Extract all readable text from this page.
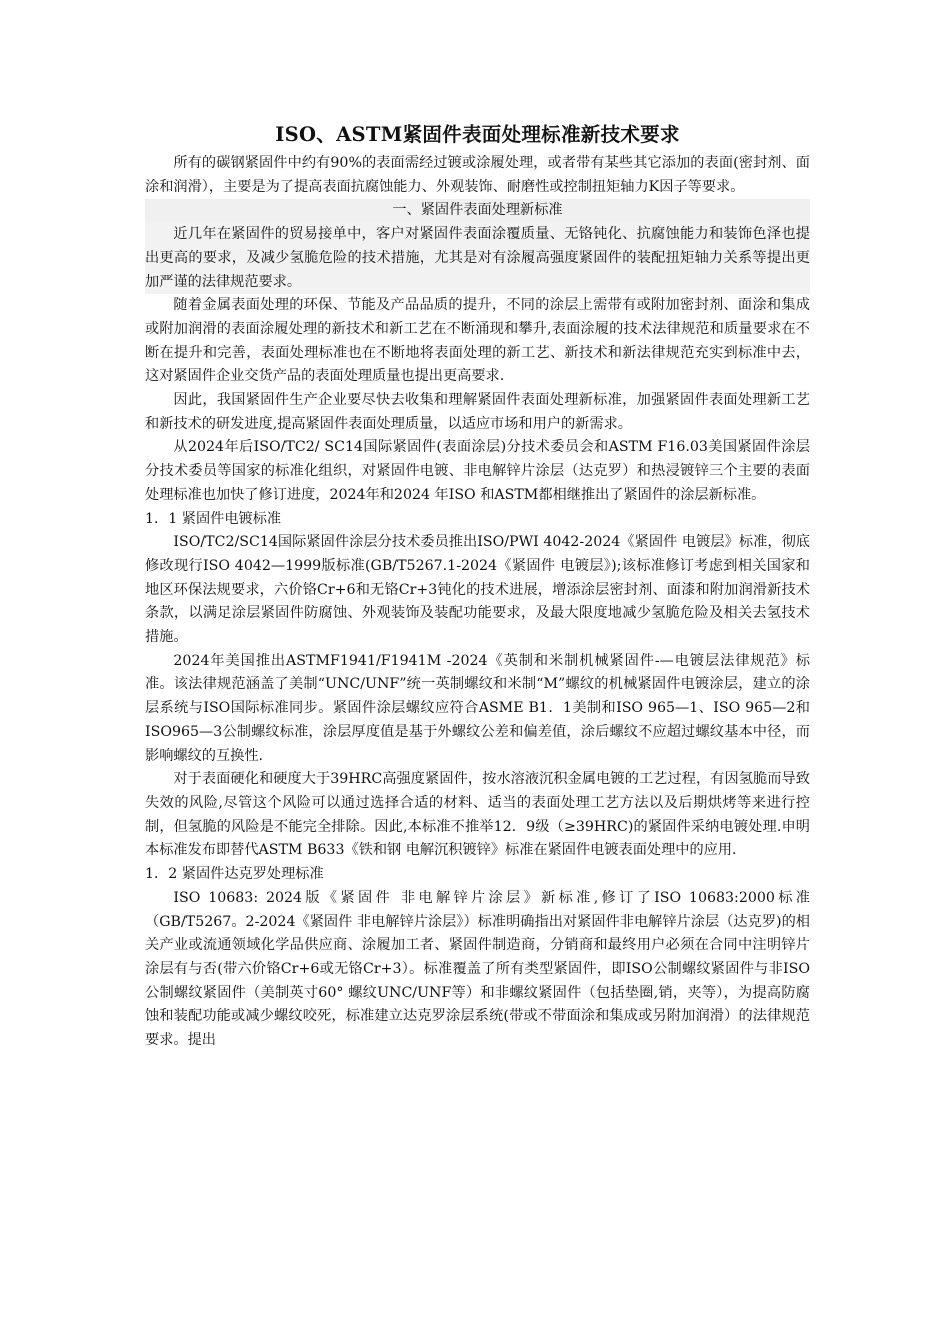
ISO、ASTM紧固件表面处理标准新技术要求

所有的碳钢紧固件中约有90%的表面需经过镀或涂履处理，或者带有某些其它添加的表面(密封剂、面涂和润滑），主要是为了提高表面抗腐蚀能力、外观装饰、耐磨性或控制扭矩轴力K因子等要求。

一、紧固件表面处理新标准

近几年在紧固件的贸易接单中，客户对紧固件表面涂覆质量、无铬钝化、抗腐蚀能力和装饰色泽也提出更高的要求，及减少氢脆危险的技术措施，尤其是对有涂履高强度紧固件的装配扭矩轴力关系等提出更加严谨的法律规范要求。

随着金属表面处理的环保、节能及产品品质的提升，不同的涂层上需带有或附加密封剂、面涂和集成或附加润滑的表面涂履处理的新技术和新工艺在不断涌现和攀升,表面涂履的技术法律规范和质量要求在不断在提升和完善，表面处理标准也在不断地将表面处理的新工艺、新技术和新法律规范充实到标准中去，这对紧固件企业交货产品的表面处理质量也提出更高要求.

因此，我国紧固件生产企业要尽快去收集和理解紧固件表面处理新标准，加强紧固件表面处理新工艺和新技术的研发进度,提高紧固件表面处理质量，以适应市场和用户的新需求。

从2024年后ISO/TC2/ SC14国际紧固件(表面涂层)分技术委员会和ASTM F16.03美国紧固件涂层分技术委员等国家的标准化组织，对紧固件电镀、非电解锌片涂层（达克罗）和热浸镀锌三个主要的表面处理标准也加快了修订进度，2024年和2024 年ISO 和ASTM都相继推出了紧固件的涂层新标准。

1．1 紧固件电镀标准

ISO/TC2/SC14国际紧固件涂层分技术委员推出ISO/PWI 4042-2024《紧固件 电镀层》标准，彻底修改现行ISO 4042—1999版标准(GB/T5267.1-2024《紧固件 电镀层》);该标准修订考虑到相关国家和地区环保法规要求，六价铬Cr+6和无铬Cr+3钝化的技术进展，增添涂层密封剂、面漆和附加润滑新技术条款，以满足涂层紧固件防腐蚀、外观装饰及装配功能要求，及最大限度地减少氢脆危险及相关去氢技术措施。

2024年美国推出ASTMF1941/F1941M -2024《英制和米制机械紧固件-—电镀层法律规范》标准。该法律规范涵盖了美制“UNC/UNF”统一英制螺纹和米制“M”螺纹的机械紧固件电镀涂层，建立的涂层系统与ISO国际标准同步。紧固件涂层螺纹应符合ASME B1．1美制和ISO 965—1、ISO 965—2和ISO965—3公制螺纹标准，涂层厚度值是基于外螺纹公差和偏差值，涂后螺纹不应超过螺纹基本中径，而影响螺纹的互换性.

对于表面硬化和硬度大于39HRC高强度紧固件，按水溶液沉积金属电镀的工艺过程，有因氢脆而导致失效的风险,尽管这个风险可以通过选择合适的材料、适当的表面处理工艺方法以及后期烘烤等来进行控制，但氢脆的风险是不能完全排除。因此,本标准不推举12．9级（≥39HRC)的紧固件采纳电镀处理.申明本标准发布即替代ASTM B633《铁和钢 电解沉积镀锌》标准在紧固件电镀表面处理中的应用.

1．2 紧固件达克罗处理标准

ISO 10683: 2024版《紧固件 非电解锌片涂层》新标准,修订了ISO 10683:2000标准（GB/T5267。2-2024《紧固件 非电解锌片涂层》）标准明确指出对紧固件非电解锌片涂层（达克罗)的相关产业或流通领域化学品供应商、涂履加工者、紧固件制造商，分销商和最终用户必须在合同中注明锌片涂层有与否(带六价铬Cr+6或无铬Cr+3）。标准覆盖了所有类型紧固件，即ISO公制螺纹紧固件与非ISO公制螺纹紧固件（美制英寸60° 螺纹UNC/UNF等）和非螺纹紧固件（包括垫圈,销，夹等），为提高防腐蚀和装配功能或减少螺纹咬死，标准建立达克罗涂层系统(带或不带面涂和集成或另附加润滑）的法律规范要求。提出
